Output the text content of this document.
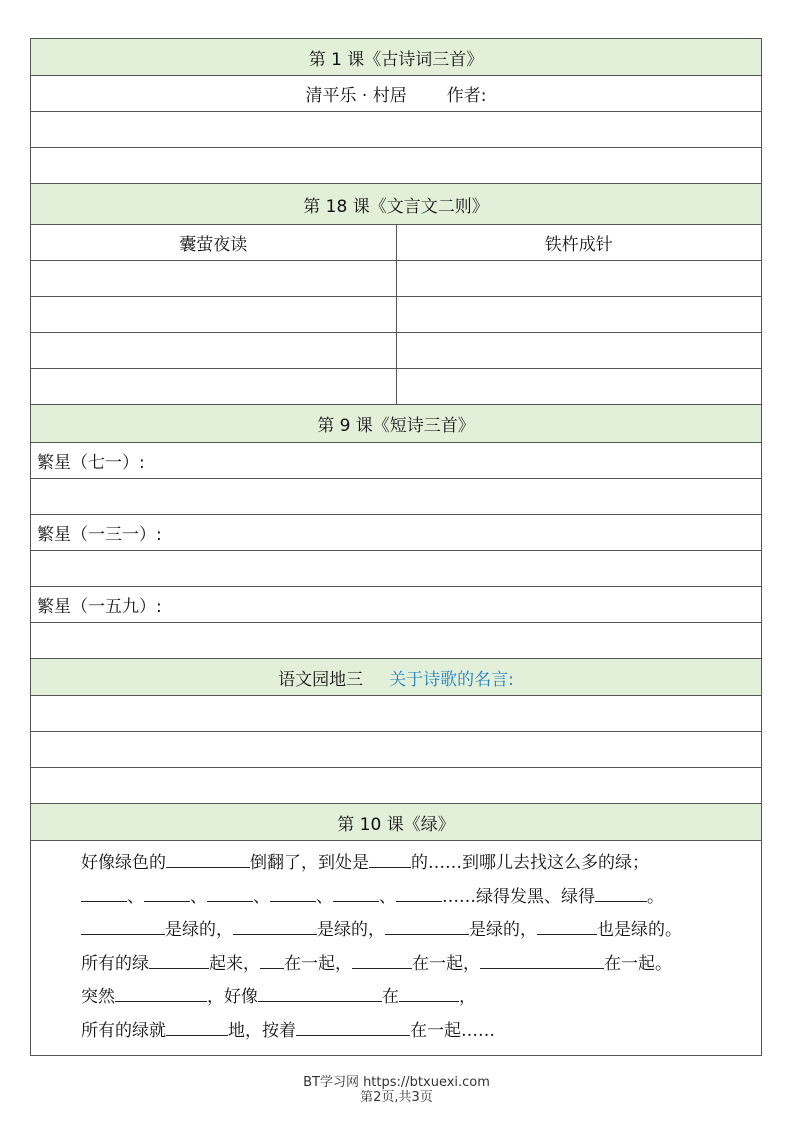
第 1 课《古诗词三首》
清平乐 · 村居 作者:
第 18 课《文言文二则》
囊萤夜读	铁杵成针
第 9 课《短诗三首》
繁星（七一）:
繁星（一三一）:
繁星（一五九）:
语文园地三 关于诗歌的名言:
第 10 课《绿》
好像绿色的	倒翻了，到处是 的……到哪儿去找这么多的绿；
、	、	、	、	、	……绿得发黑、绿得	。
是绿的，	是绿的，	是绿的，	也是绿的。
所有的绿	起来， 在一起，	在一起，	在一起。
突然	，好像	在	，
所有的绿就	地，按着	在一起……
BT学习网 https://btxuexi.com
第2页,共3页
